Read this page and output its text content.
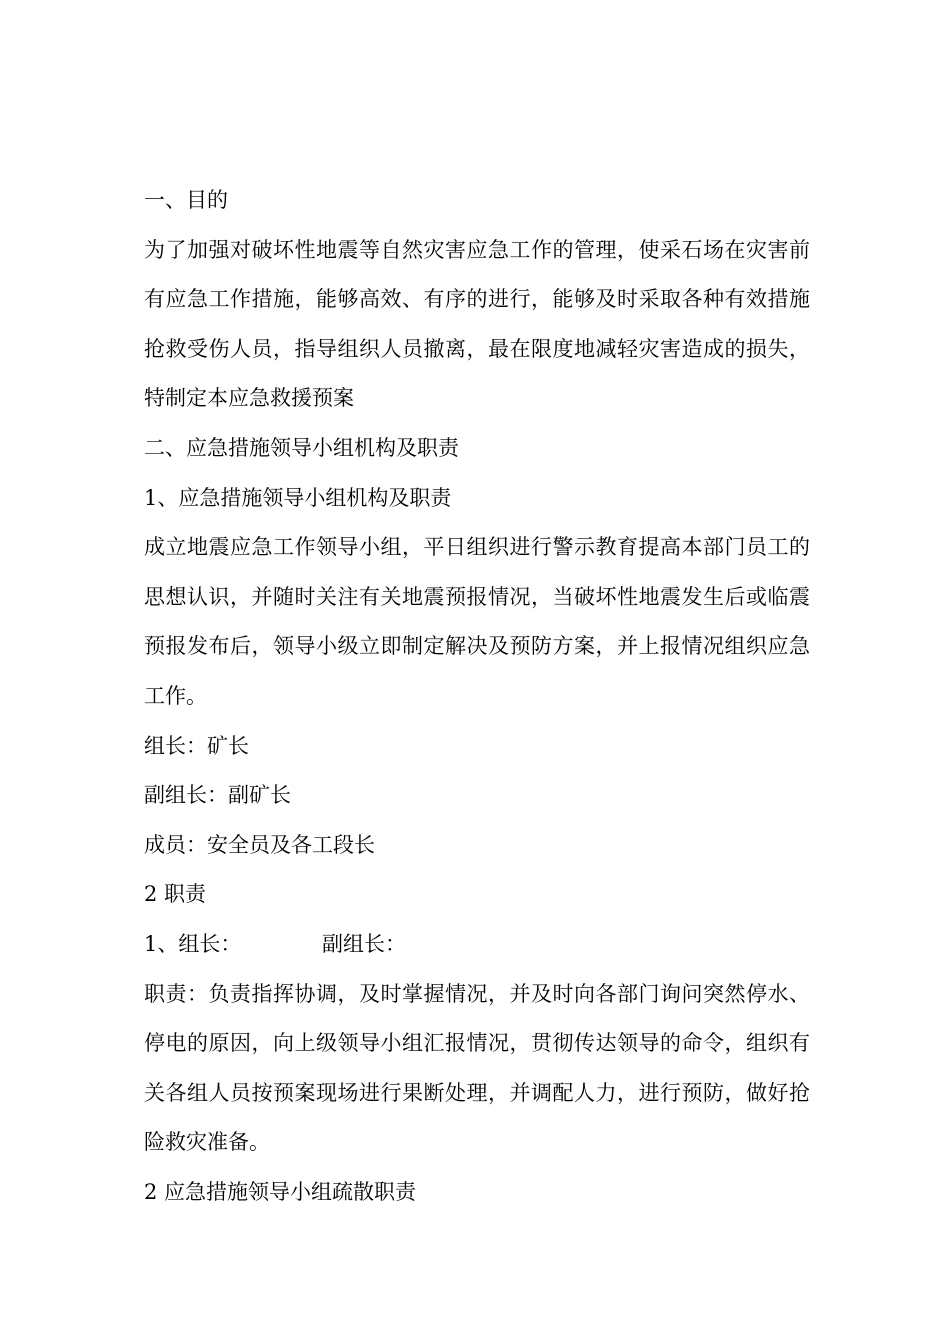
一、目的

为了加强对破坏性地震等自然灾害应急工作的管理，使采石场在灾害前有应急工作措施，能够高效、有序的进行，能够及时采取各种有效措施抢救受伤人员，指导组织人员撤离，最在限度地减轻灾害造成的损失，特制定本应急救援预案

二、应急措施领导小组机构及职责

1、应急措施领导小组机构及职责

成立地震应急工作领导小组，平日组织进行警示教育提高本部门员工的思想认识，并随时关注有关地震预报情况，当破坏性地震发生后或临震预报发布后，领导小级立即制定解决及预防方案，并上报情况组织应急工作。

组长：矿长

副组长：副矿长

成员：安全员及各工段长

2 职责

1、组长：	副组长：

职责：负责指挥协调，及时掌握情况，并及时向各部门询问突然停水、停电的原因，向上级领导小组汇报情况，贯彻传达领导的命令，组织有关各组人员按预案现场进行果断处理，并调配人力，进行预防，做好抢险救灾准备。

2 应急措施领导小组疏散职责
